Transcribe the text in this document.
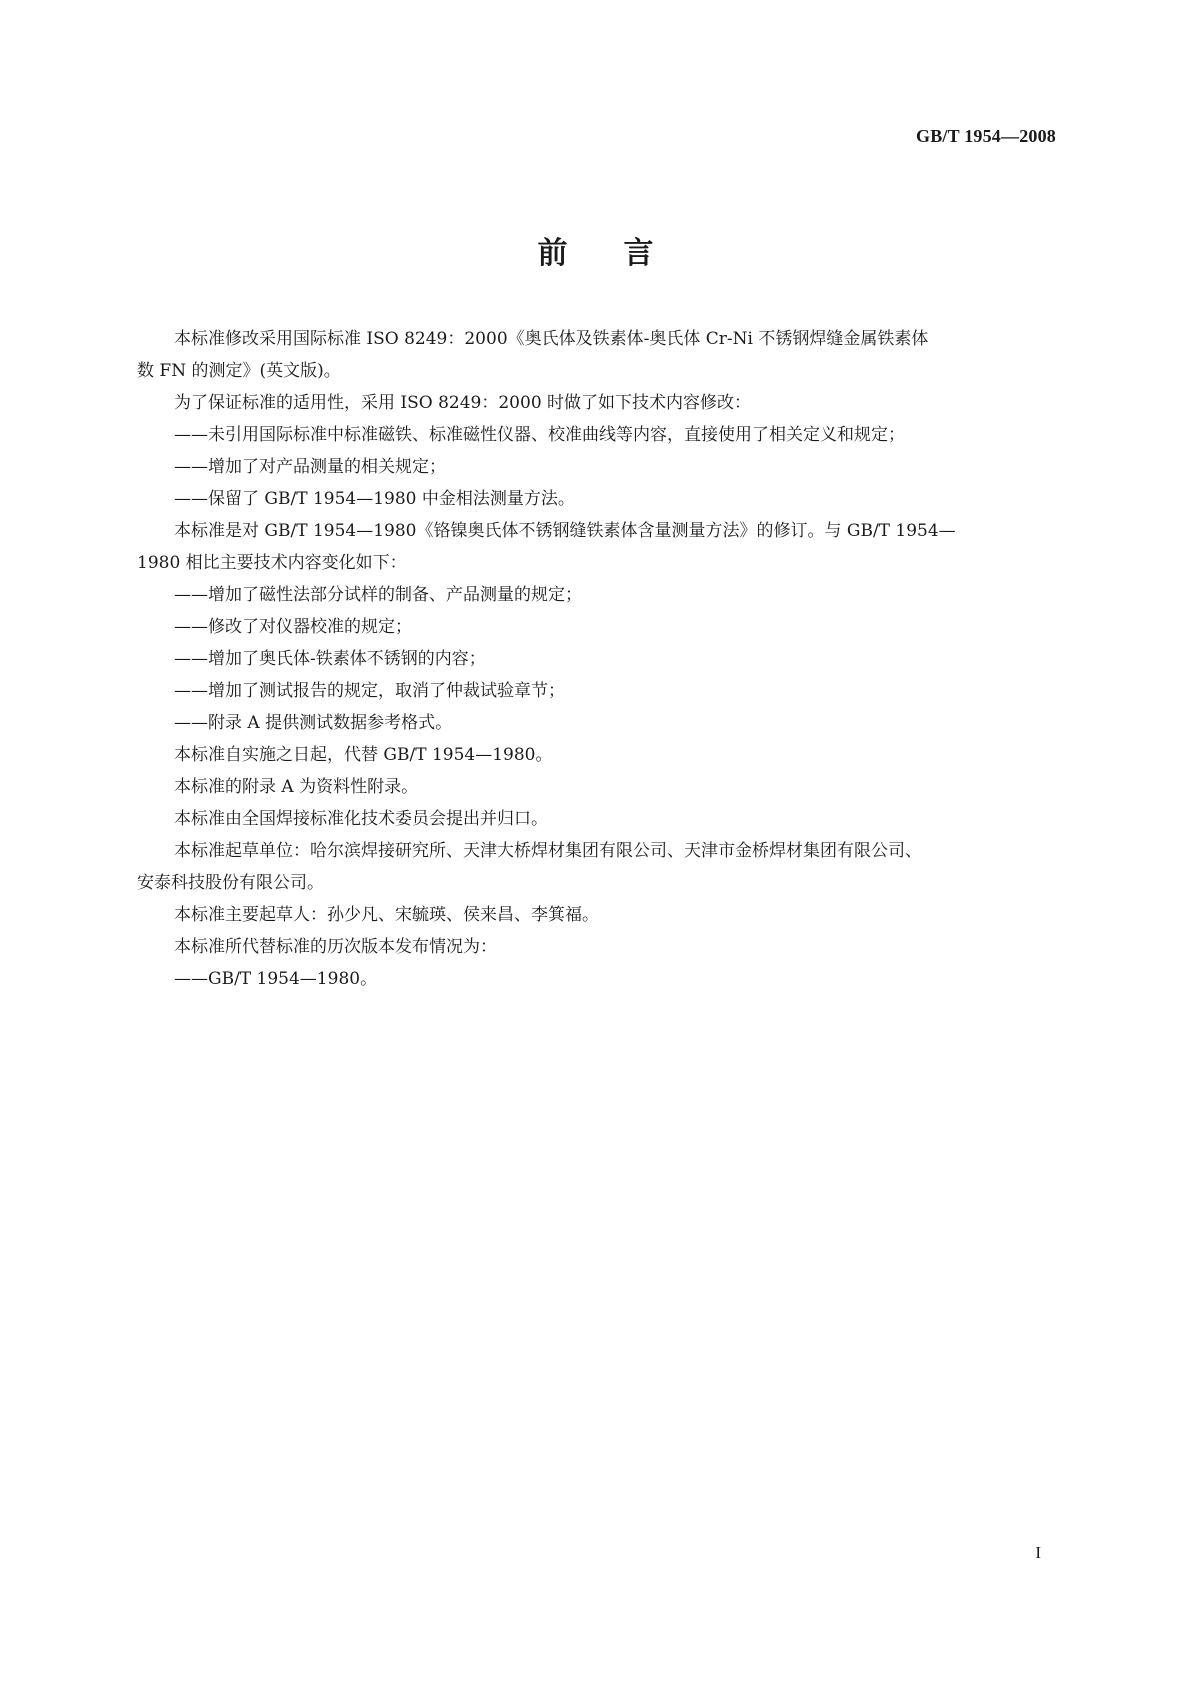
GB/T 1954—2008
前言

本标准修改采用国际标准 ISO 8249：2000《奥氏体及铁素体-奥氏体 Cr-Ni 不锈钢焊缝金属铁素体

数 FN 的测定》(英文版)。

为了保证标准的适用性，采用 ISO 8249：2000 时做了如下技术内容修改：

——未引用国际标准中标准磁铁、标准磁性仪器、校准曲线等内容，直接使用了相关定义和规定；

——增加了对产品测量的相关规定；

——保留了 GB/T 1954—1980 中金相法测量方法。

本标准是对 GB/T 1954—1980《铬镍奥氏体不锈钢缝铁素体含量测量方法》的修订。与 GB/T 1954—

1980 相比主要技术内容变化如下：

——增加了磁性法部分试样的制备、产品测量的规定；

——修改了对仪器校准的规定；

——增加了奥氏体-铁素体不锈钢的内容；

——增加了测试报告的规定，取消了仲裁试验章节；

——附录 A 提供测试数据参考格式。

本标准自实施之日起，代替 GB/T 1954—1980。

本标准的附录 A 为资料性附录。

本标准由全国焊接标准化技术委员会提出并归口。

本标准起草单位：哈尔滨焊接研究所、天津大桥焊材集团有限公司、天津市金桥焊材集团有限公司、

安泰科技股份有限公司。

本标准主要起草人：孙少凡、宋毓瑛、侯来昌、李箕福。

本标准所代替标准的历次版本发布情况为：

——GB/T 1954—1980。

I
